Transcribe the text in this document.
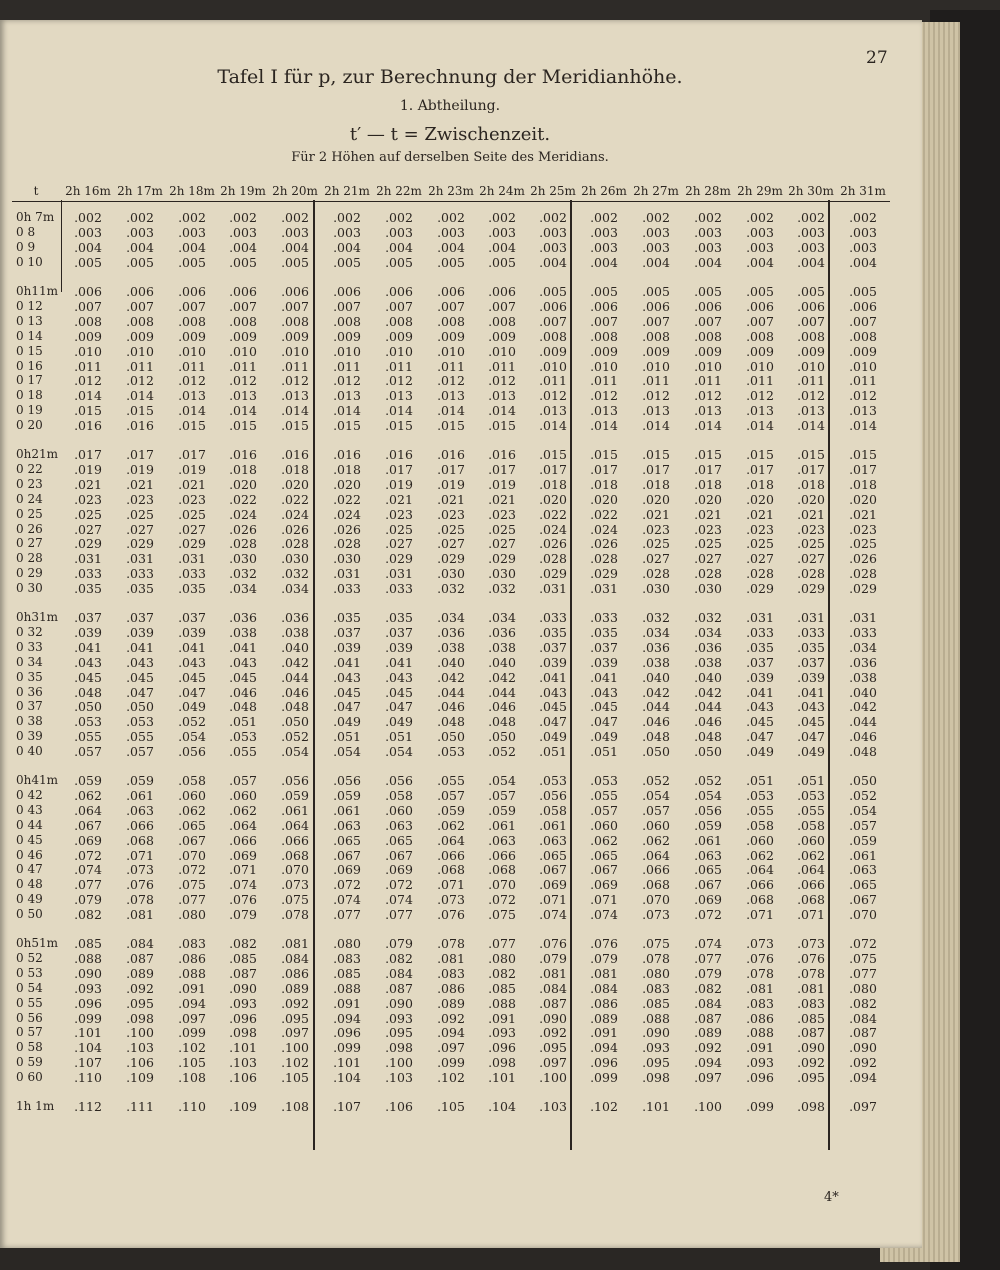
27
Tafel I für p, zur Berechnung der Meridianhöhe.
1. Abtheilung.
t′ — t = Zwischenzeit.
Für 2 Höhen auf derselben Seite des Meridians.
t	2h 16m 2h 17m 2h 18m 2h 19m 2h 20m 2h 21m 2h 22m 2h 23m 2h 24m 2h 25m 2h 26m 2h 27m 2h 28m 2h 29m 2h 30m 2h 31m
0h 7m	.002	.002	.002	.002	.002	.002	.002	.002	.002	.002	.002	.002	.002	.002	.002	.002
0 8	.003	.003	.003	.003	.003	.003	.003	.003	.003	.003	.003	.003	.003	.003	.003	.003
0 9	.004	.004	.004	.004	.004	.004	.004	.004	.004	.003	.003	.003	.003	.003	.003	.003
0 10	.005	.005	.005	.005	.005	.005	.005	.005	.005	.004	.004	.004	.004	.004	.004	.004
0h11m	.006	.006	.006	.006	.006	.006	.006	.006	.006	.005	.005	.005	.005	.005	.005	.005
0 12	.007	.007	.007	.007	.007	.007	.007	.007	.007	.006	.006	.006	.006	.006	.006	.006
0 13	.008	.008	.008	.008	.008	.008	.008	.008	.008	.007	.007	.007	.007	.007	.007	.007
0 14	.009	.009	.009	.009	.009	.009	.009	.009	.009	.008	.008	.008	.008	.008	.008	.008
0 15	.010	.010	.010	.010	.010	.010	.010	.010	.010	.009	.009	.009	.009	.009	.009	.009
0 16	.011	.011	.011	.011	.011	.011	.011	.011	.011	.010	.010	.010	.010	.010	.010	.010
0 17	.012	.012	.012	.012	.012	.012	.012	.012	.012	.011	.011	.011	.011	.011	.011	.011
0 18	.014	.014	.013	.013	.013	.013	.013	.013	.013	.012	.012	.012	.012	.012	.012	.012
0 19	.015	.015	.014	.014	.014	.014	.014	.014	.014	.013	.013	.013	.013	.013	.013	.013
0 20	.016	.016	.015	.015	.015	.015	.015	.015	.015	.014	.014	.014	.014	.014	.014	.014
0h21m	.017	.017	.017	.016	.016	.016	.016	.016	.016	.015	.015	.015	.015	.015	.015	.015
0 22	.019	.019	.019	.018	.018	.018	.017	.017	.017	.017	.017	.017	.017	.017	.017	.017
0 23	.021	.021	.021	.020	.020	.020	.019	.019	.019	.018	.018	.018	.018	.018	.018	.018
0 24	.023	.023	.023	.022	.022	.022	.021	.021	.021	.020	.020	.020	.020	.020	.020	.020
0 25	.025	.025	.025	.024	.024	.024	.023	.023	.023	.022	.022	.021	.021	.021	.021	.021
0 26	.027	.027	.027	.026	.026	.026	.025	.025	.025	.024	.024	.023	.023	.023	.023	.023
0 27	.029	.029	.029	.028	.028	.028	.027	.027	.027	.026	.026	.025	.025	.025	.025	.025
0 28	.031	.031	.031	.030	.030	.030	.029	.029	.029	.028	.028	.027	.027	.027	.027	.026
0 29	.033	.033	.033	.032	.032	.031	.031	.030	.030	.029	.029	.028	.028	.028	.028	.028
0 30	.035	.035	.035	.034	.034	.033	.033	.032	.032	.031	.031	.030	.030	.029	.029	.029
0h31m	.037	.037	.037	.036	.036	.035	.035	.034	.034	.033	.033	.032	.032	.031	.031	.031
0 32	.039	.039	.039	.038	.038	.037	.037	.036	.036	.035	.035	.034	.034	.033	.033	.033
0 33	.041	.041	.041	.041	.040	.039	.039	.038	.038	.037	.037	.036	.036	.035	.035	.034
0 34	.043	.043	.043	.043	.042	.041	.041	.040	.040	.039	.039	.038	.038	.037	.037	.036
0 35	.045	.045	.045	.045	.044	.043	.043	.042	.042	.041	.041	.040	.040	.039	.039	.038
0 36	.048	.047	.047	.046	.046	.045	.045	.044	.044	.043	.043	.042	.042	.041	.041	.040
0 37	.050	.050	.049	.048	.048	.047	.047	.046	.046	.045	.045	.044	.044	.043	.043	.042
0 38	.053	.053	.052	.051	.050	.049	.049	.048	.048	.047	.047	.046	.046	.045	.045	.044
0 39	.055	.055	.054	.053	.052	.051	.051	.050	.050	.049	.049	.048	.048	.047	.047	.046
0 40	.057	.057	.056	.055	.054	.054	.054	.053	.052	.051	.051	.050	.050	.049	.049	.048
0h41m	.059	.059	.058	.057	.056	.056	.056	.055	.054	.053	.053	.052	.052	.051	.051	.050
0 42	.062	.061	.060	.060	.059	.059	.058	.057	.057	.056	.055	.054	.054	.053	.053	.052
0 43	.064	.063	.062	.062	.061	.061	.060	.059	.059	.058	.057	.057	.056	.055	.055	.054
0 44	.067	.066	.065	.064	.064	.063	.063	.062	.061	.061	.060	.060	.059	.058	.058	.057
0 45	.069	.068	.067	.066	.066	.065	.065	.064	.063	.063	.062	.062	.061	.060	.060	.059
0 46	.072	.071	.070	.069	.068	.067	.067	.066	.066	.065	.065	.064	.063	.062	.062	.061
0 47	.074	.073	.072	.071	.070	.069	.069	.068	.068	.067	.067	.066	.065	.064	.064	.063
0 48	.077	.076	.075	.074	.073	.072	.072	.071	.070	.069	.069	.068	.067	.066	.066	.065
0 49	.079	.078	.077	.076	.075	.074	.074	.073	.072	.071	.071	.070	.069	.068	.068	.067
0 50	.082	.081	.080	.079	.078	.077	.077	.076	.075	.074	.074	.073	.072	.071	.071	.070
0h51m	.085	.084	.083	.082	.081	.080	.079	.078	.077	.076	.076	.075	.074	.073	.073	.072
0 52	.088	.087	.086	.085	.084	.083	.082	.081	.080	.079	.079	.078	.077	.076	.076	.075
0 53	.090	.089	.088	.087	.086	.085	.084	.083	.082	.081	.081	.080	.079	.078	.078	.077
0 54	.093	.092	.091	.090	.089	.088	.087	.086	.085	.084	.084	.083	.082	.081	.081	.080
0 55	.096	.095	.094	.093	.092	.091	.090	.089	.088	.087	.086	.085	.084	.083	.083	.082
0 56	.099	.098	.097	.096	.095	.094	.093	.092	.091	.090	.089	.088	.087	.086	.085	.084
0 57	.101	.100	.099	.098	.097	.096	.095	.094	.093	.092	.091	.090	.089	.088	.087	.087
0 58	.104	.103	.102	.101	.100	.099	.098	.097	.096	.095	.094	.093	.092	.091	.090	.090
0 59	.107	.106	.105	.103	.102	.101	.100	.099	.098	.097	.096	.095	.094	.093	.092	.092
0 60	.110	.109	.108	.106	.105	.104	.103	.102	.101	.100	.099	.098	.097	.096	.095	.094
1h 1m	.112	.111	.110	.109	.108	.107	.106	.105	.104	.103	.102	.101	.100	.099	.098	.097
4*
